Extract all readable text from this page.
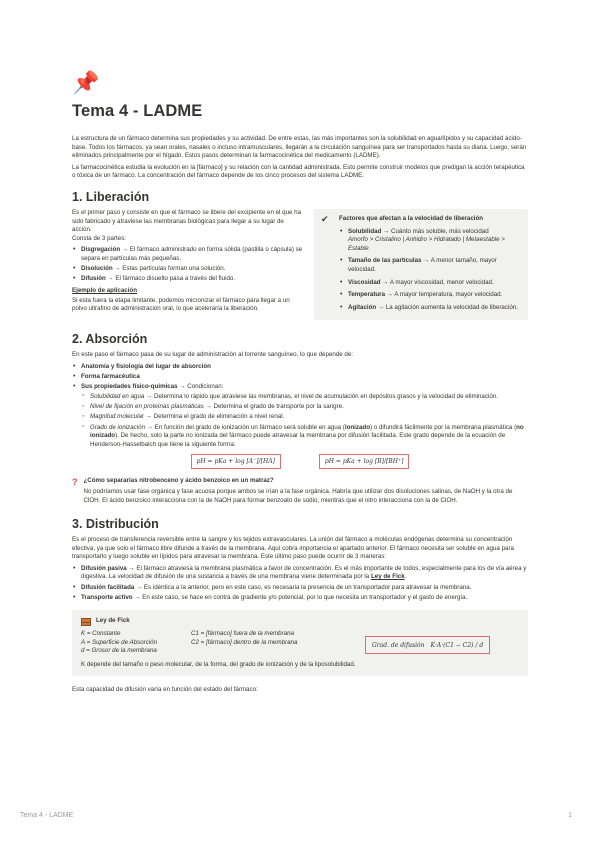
📌
Tema 4 - LADME

La estructura de un fármaco determina sus propiedades y su actividad. De entre estas, las más importantes son la solubilidad en agua/lípidos y su capacidad ácido-base. Todos los fármacos, ya sean orales, nasales o incluso intramusculares, llegarán a la circulación sanguínea para ser transportados hasta su diana. Luego, serán eliminados principalmente por el hígado. Estos pasos determinan la farmacocinética del medicamento (LADME).

La farmacocinética estudia la evolución en la [fármaco] y su relación con la cantidad administrada. Esto permite construir modelos que predigan la acción terapéutica o tóxica de un fármaco. La concentración del fármaco depende de los cinco procesos del sistema LADME.

1. Liberación

Es el primer paso y consiste en que el fármaco se libere del excipiente en el que ha sido fabricado y atraviese las membranas biológicas para llegar a su lugar de acción.

Consta de 3 partes:

• Disgregación → El fármaco administrado en forma sólida (pastilla o cápsula) se separa en partículas más pequeñas.
• Disolución → Estas partículas forman una solución.
• Difusión → El fármaco disuelto pasa a través del fluido.

Ejemplo de aplicación

Si esta fuera la etapa limitante, podemos micronizar el fármaco para llegar a un polvo ultrafino de administración oral, lo que aceleraría la liberación.

✔	Factores que afectan a la velocidad de liberación

• Solubilidad → Cuánto más soluble, más velocidad
Amorfo > Cristalino | Anhidro > Hidratado | Metaestable > Estable
• Tamaño de las partículas → A menor tamaño, mayor velocidad.
• Viscosidad → A mayor viscosidad, menor velocidad.
• Temperatura → A mayor temperatura, mayor velocidad.
• Agitación → La agitación aumenta la velocidad de liberación.
2. Absorción

En este paso el fármaco pasa de su lugar de administración al torrente sanguíneo, lo que depende de:

• Anatomía y fisiología del lugar de absorción
• Forma farmacéutica
• Sus propiedades físico-químicas → Condicionan:
◦ Solubilidad en agua → Determina lo rápido que atraviese las membranas, el nivel de acumulación en depósitos grasos y la velocidad de eliminación.
◦ Nivel de fijación en proteínas plasmáticas → Determina el grado de transporte por la sangre.
◦ Magnitud molecular → Determina el grado de eliminación a nivel renal.
◦ Grado de ionización → En función del grado de ionización un fármaco será soluble en agua (ionizado) o difundirá fácilmente por la membrana plasmática (no ionizado). De hecho, solo la parte no ionizada del fármaco puede atravesar la membrana por difusión facilitada. Este grado depende de la ecuación de Henderson-Hasselbalch que tiene la siguiente forma:
pH = pKa + log [A⁻]/[HA]	pH = pKa + log [B]/[BH⁺]
? ¿Cómo separarías nitrobenceno y ácido benzoico en un matraz?

No podríamos usar fase orgánica y fase acuosa porque ambos se irían a la fase orgánica. Habría que utilizar dos disoluciones salinas, de NaOH y la otra de ClOH. El ácido benzoico interacciona con la de NaOH para formar benzoato de sodio, mientras que el nitro interacciona con la de ClOH.

3. Distribución

Es el proceso de transferencia reversible entre la sangre y los tejidos extravasculares. La unión del fármaco a moléculas endógenas determina su concentración efectiva, ya que solo el fármaco libre difunde a través de la membrana. Aquí cobra importancia el apartado anterior. El fármaco necesita ser soluble en agua para transportarlo y luego soluble en lípidos para atravesar la membrana. Este último paso puede ocurrir de 3 maneras:

• Difusión pasiva → El fármaco atraviesa la membrana plasmática a favor de concentración. Es el más importante de todos, especialmente para los de vía aérea y digestiva. La velocidad de difusión de una sustancia a través de una membrana viene determinada por la Ley de Fick.
• Difusión facilitada → Es idéntica a la anterior, pero en este caso, es necesaria la presencia de un transportador para atravesar la membrana.
• Transporte activo → En este caso, se hace en contra de gradiente y/o potencial, por lo que necesita un transportador y el gasto de energía.

Ley de Fick

K = Constante

A = Superficie de Absorción

d = Grosor de la membrana

C1 = [fármaco] fuera de la membrana

C2 = [fármaco] dentro de la membrana	Grad. de difusión K·A·(C1 − C2) / d

K depende del tamaño o peso molecular, de la forma, del grado de ionización y de la liposolubilidad.

Esta capacidad de difusión varía en función del estado del fármaco:

Tema 4 - LADME	1
